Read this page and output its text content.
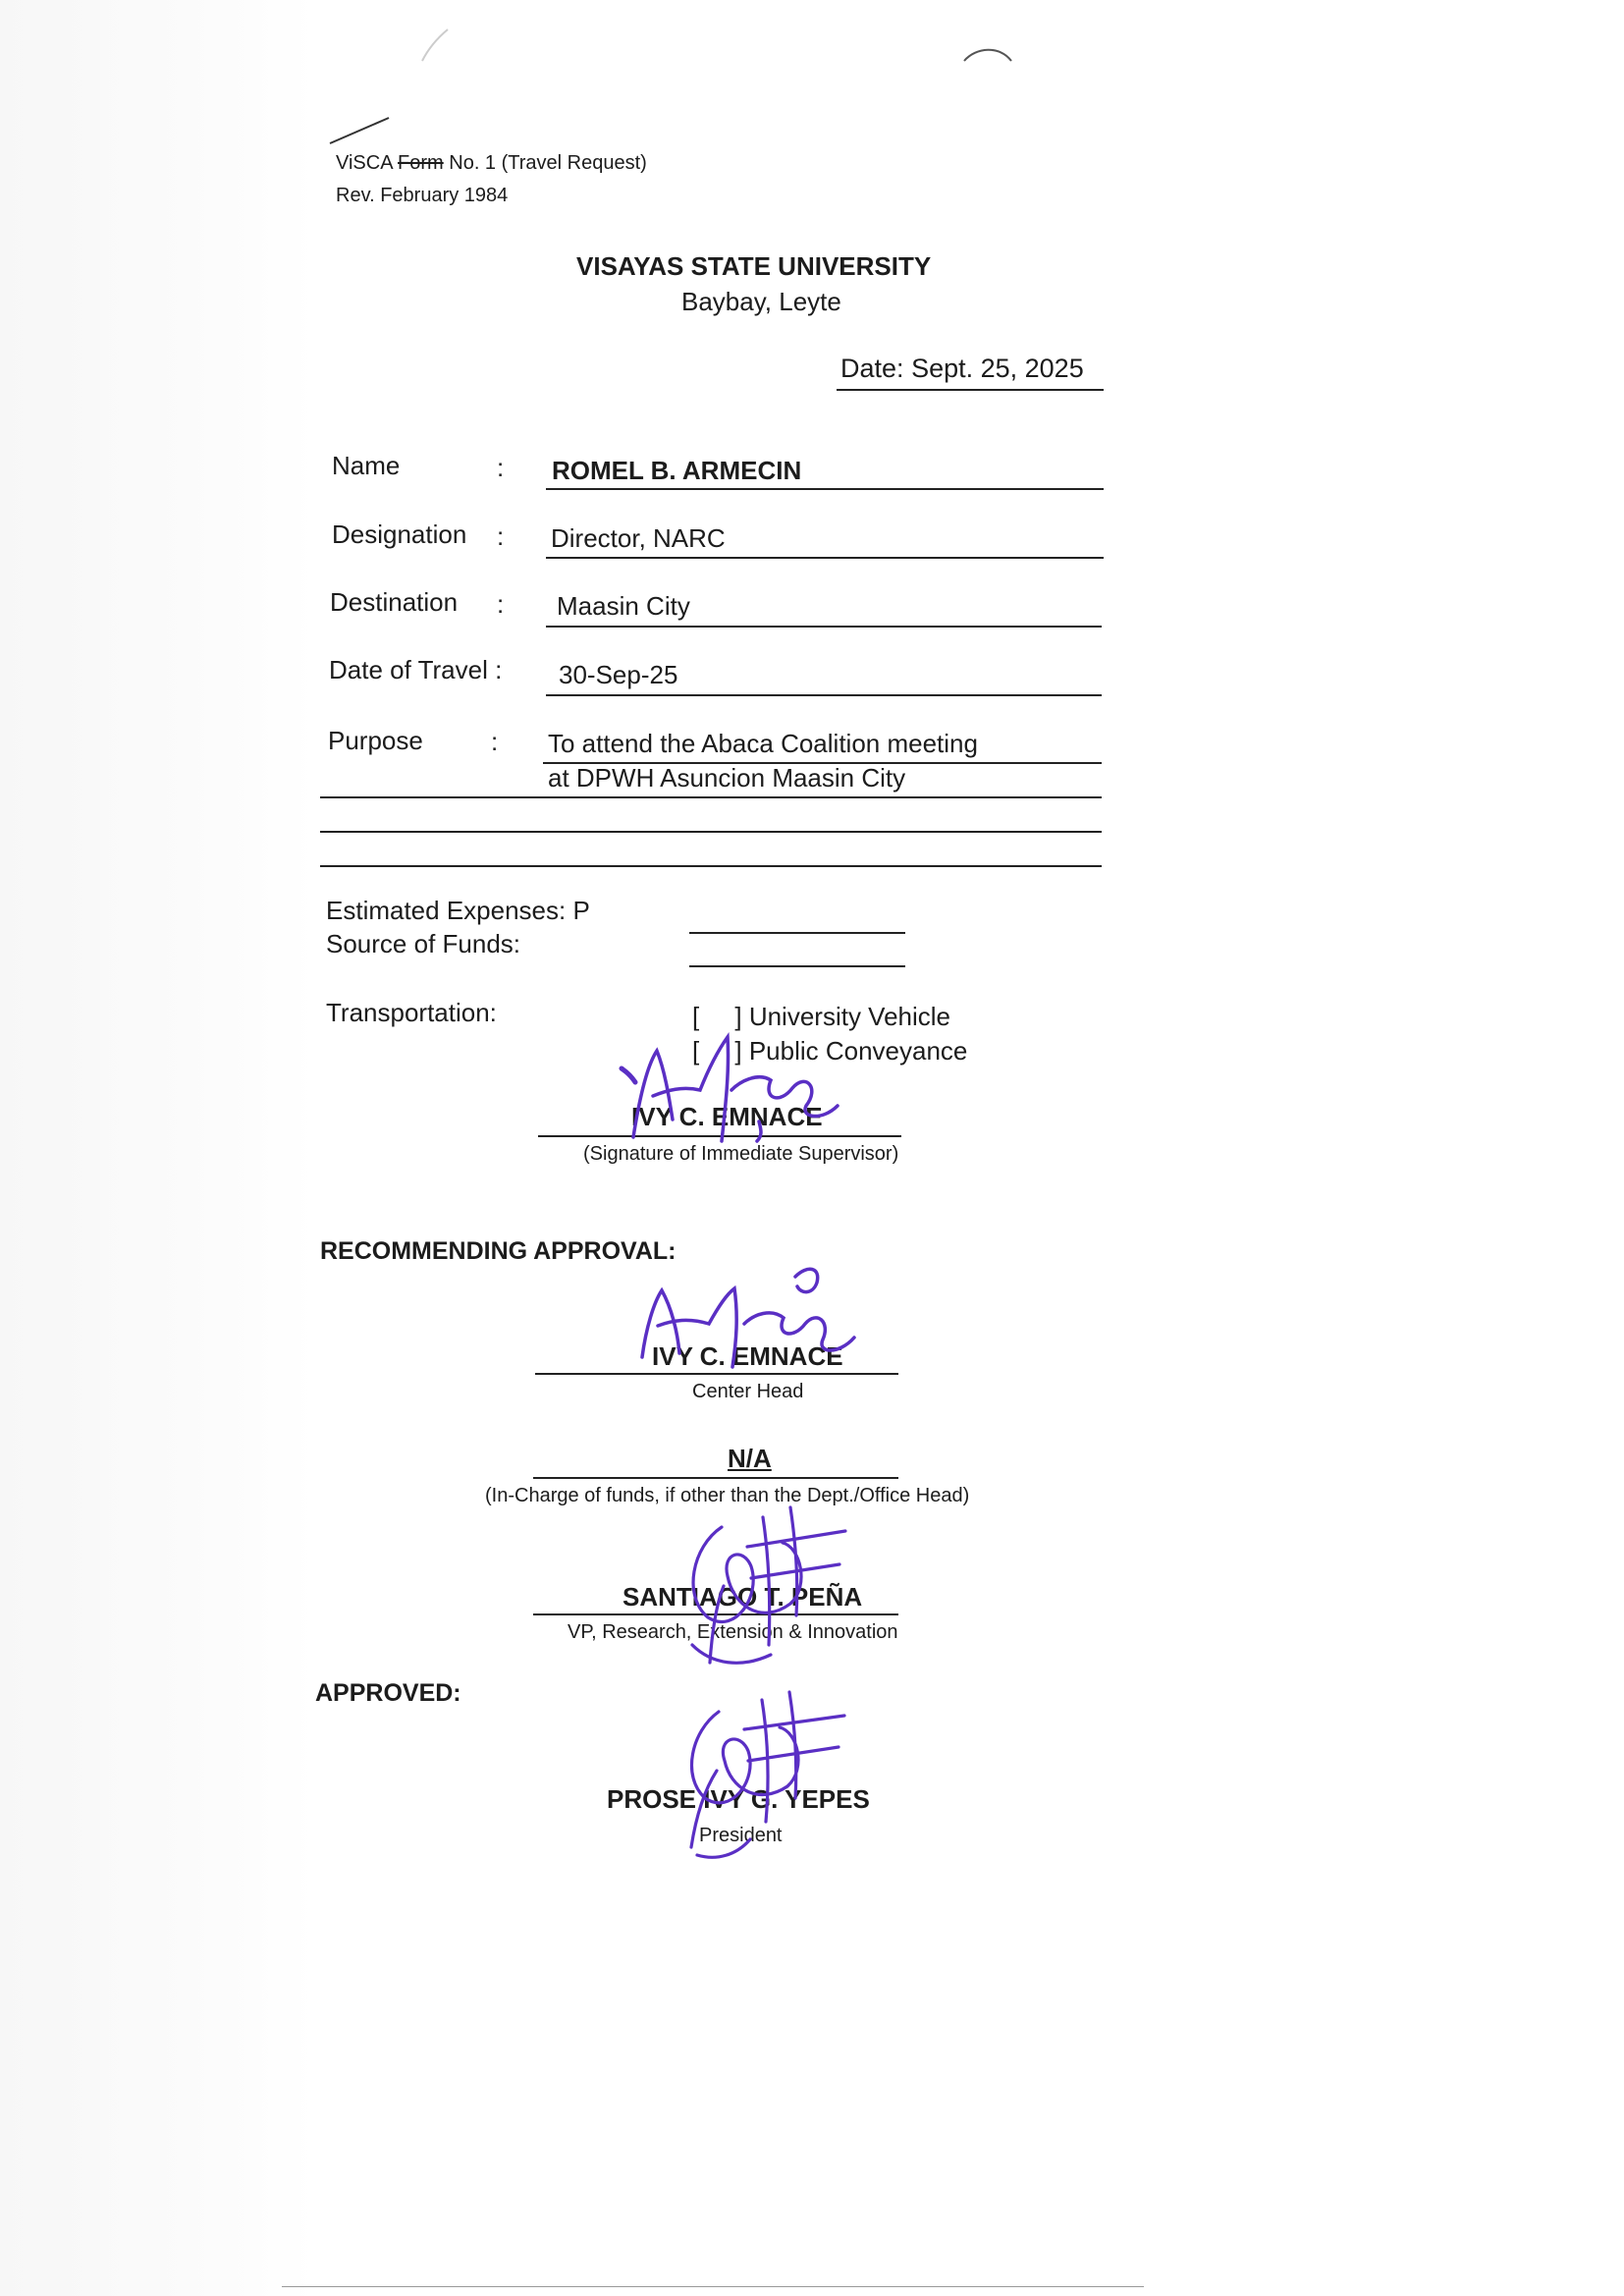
ViSCA Form No. 1 (Travel Request)
Rev. February 1984
VISAYAS STATE UNIVERSITY
Baybay, Leyte
Date: Sept. 25, 2025
Name	: ROMEL B. ARMECIN
Designation : Director, NARC
Destination : Maasin City
Date of Travel : 30-Sep-25
Purpose	: To attend the Abaca Coalition meeting
at DPWH Asuncion Maasin City
Estimated Expenses: P
Source of Funds:
Transportation:	[     ] University Vehicle
[     ] Public Conveyance
IVY C. EMNACE
(Signature of Immediate Supervisor)
RECOMMENDING APPROVAL:
IVY C. EMNACE
Center Head
N/A
(In-Charge of funds, if other than the Dept./Office Head)
SANTIAGO T. PEÑA
VP, Research, Extension & Innovation
APPROVED:
PROSE IVY G. YEPES
President
